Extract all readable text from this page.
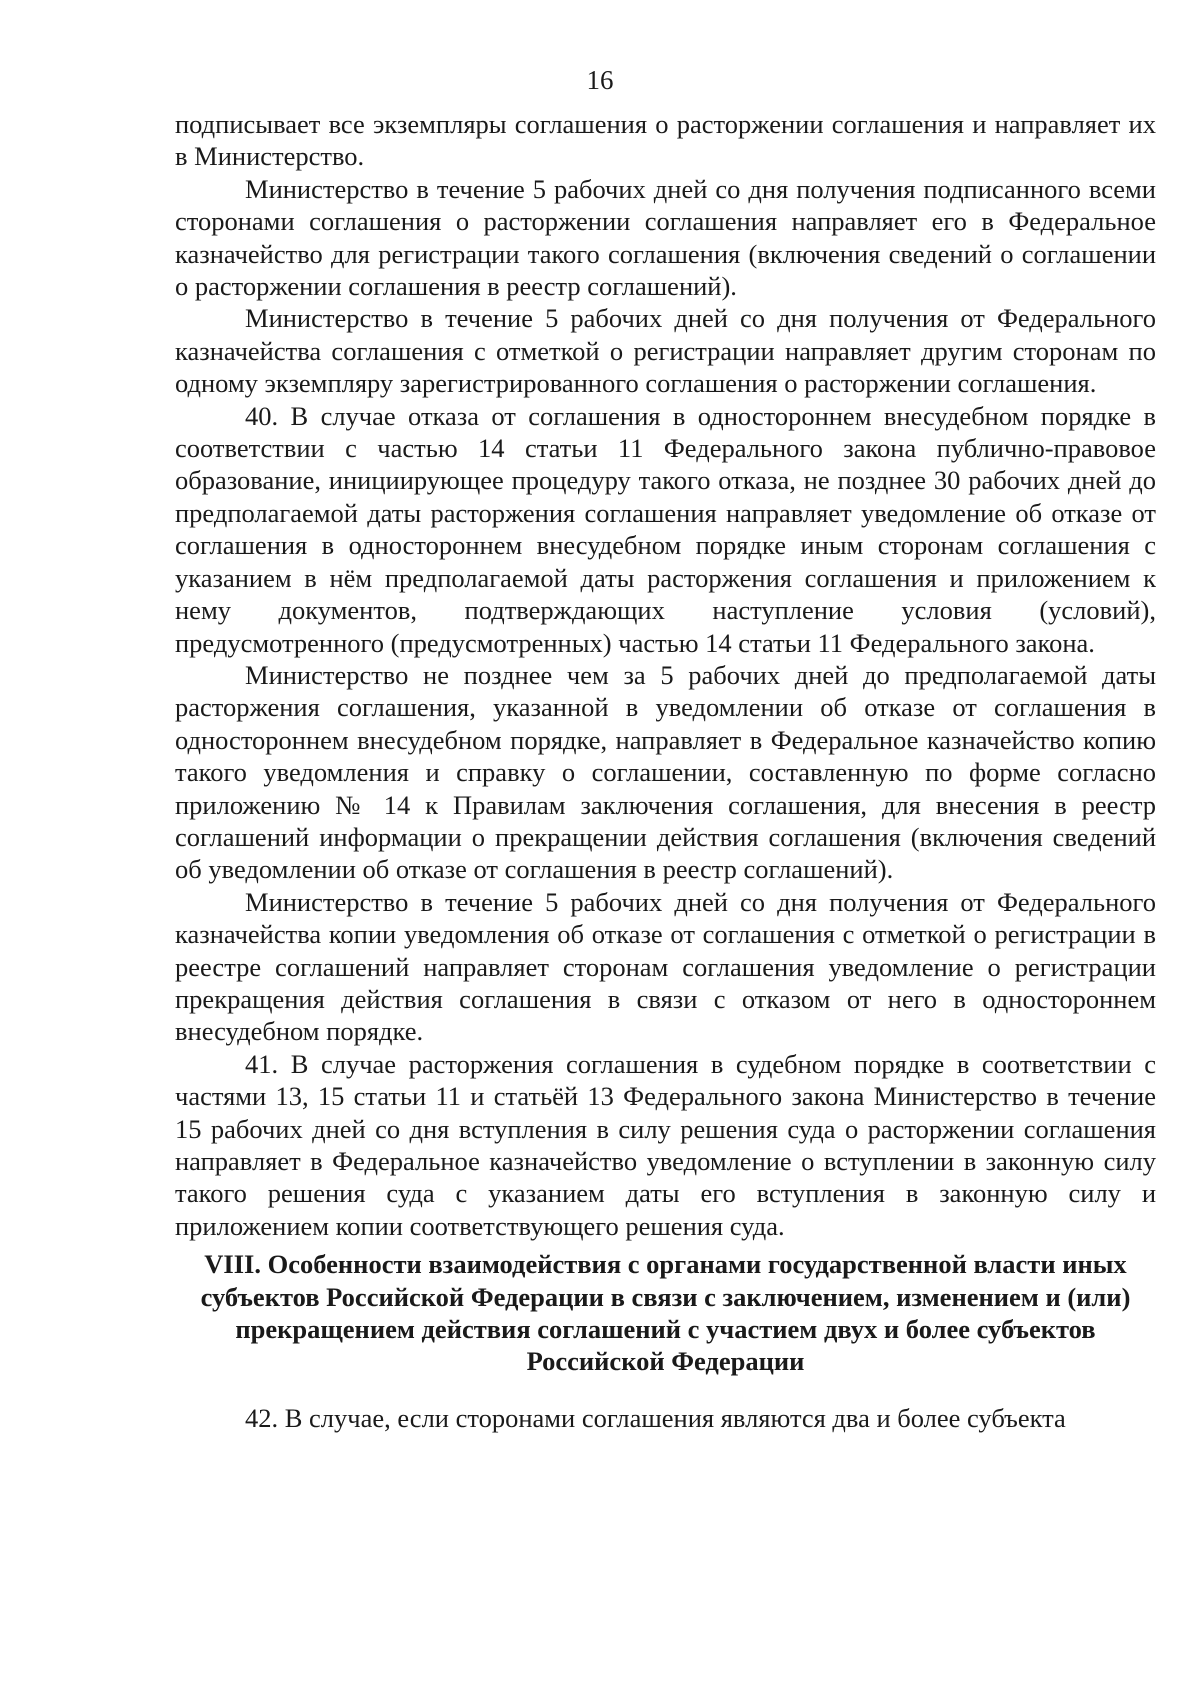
16

подписывает все экземпляры соглашения о расторжении соглашения и направляет их в Министерство.

Министерство в течение 5 рабочих дней со дня получения подписанного всеми сторонами соглашения о расторжении соглашения направляет его в Федеральное казначейство для регистрации такого соглашения (включения сведений о соглашении о расторжении соглашения в реестр соглашений).

Министерство в течение 5 рабочих дней со дня получения от Федерального казначейства соглашения с отметкой о регистрации направляет другим сторонам по одному экземпляру зарегистрированного соглашения о расторжении соглашения.

40. В случае отказа от соглашения в одностороннем внесудебном порядке в соответствии с частью 14 статьи 11 Федерального закона публично-правовое образование, инициирующее процедуру такого отказа, не позднее 30 рабочих дней до предполагаемой даты расторжения соглашения направляет уведомление об отказе от соглашения в одностороннем внесудебном порядке иным сторонам соглашения с указанием в нём предполагаемой даты расторжения соглашения и приложением к нему документов, подтверждающих наступление условия (условий), предусмотренного (предусмотренных) частью 14 статьи 11 Федерального закона.

Министерство не позднее чем за 5 рабочих дней до предполагаемой даты расторжения соглашения, указанной в уведомлении об отказе от соглашения в одностороннем внесудебном порядке, направляет в Федеральное казначейство копию такого уведомления и справку о соглашении, составленную по форме согласно приложению № 14 к Правилам заключения соглашения, для внесения в реестр соглашений информации о прекращении действия соглашения (включения сведений об уведомлении об отказе от соглашения в реестр соглашений).

Министерство в течение 5 рабочих дней со дня получения от Федерального казначейства копии уведомления об отказе от соглашения с отметкой о регистрации в реестре соглашений направляет сторонам соглашения уведомление о регистрации прекращения действия соглашения в связи с отказом от него в одностороннем внесудебном порядке.

41. В случае расторжения соглашения в судебном порядке в соответствии с частями 13, 15 статьи 11 и статьёй 13 Федерального закона Министерство в течение 15 рабочих дней со дня вступления в силу решения суда о расторжении соглашения направляет в Федеральное казначейство уведомление о вступлении в законную силу такого решения суда с указанием даты его вступления в законную силу и приложением копии соответствующего решения суда.

VIII. Особенности взаимодействия с органами государственной власти иных субъектов Российской Федерации в связи с заключением, изменением и (или) прекращением действия соглашений с участием двух и более субъектов Российской Федерации

42. В случае, если сторонами соглашения являются два и более субъекта
